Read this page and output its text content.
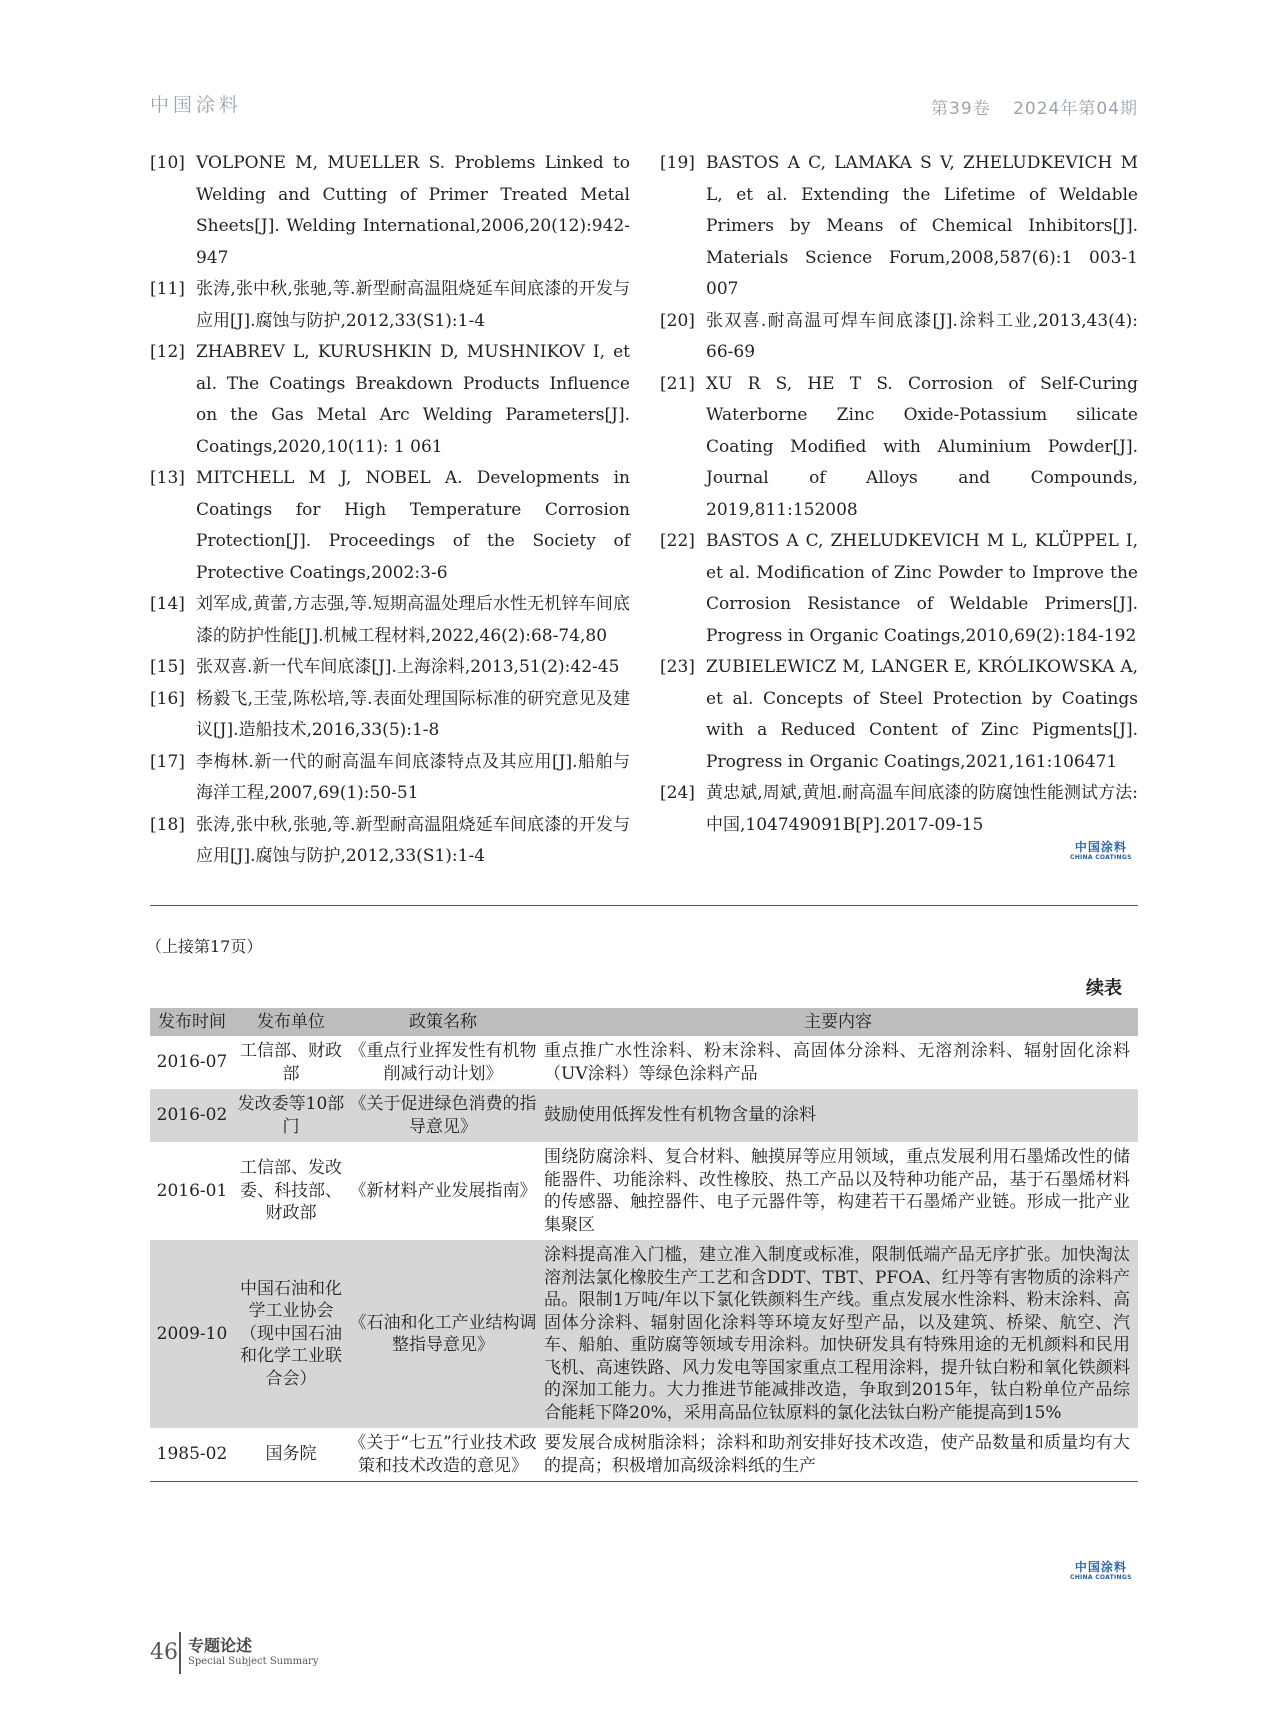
中国涂料	第39卷 2024年第04期
[10] VOLPONE M, MUELLER S. Problems Linked to Welding and Cutting of Primer Treated Metal Sheets[J]. Welding International,2006,20(12):942-947
[11] 张涛,张中秋,张驰,等.新型耐高温阻烧延车间底漆的开发与应用[J].腐蚀与防护,2012,33(S1):1-4
[12] ZHABREV L, KURUSHKIN D, MUSHNIKOV I, et al. The Coatings Breakdown Products Influence on the Gas Metal Arc Welding Parameters[J]. Coatings,2020,10(11): 1 061
[13] MITCHELL M J, NOBEL A. Developments in Coatings for High Temperature Corrosion Protection[J]. Proceedings of the Society of Protective Coatings,2002:3-6
[14] 刘军成,黄蕾,方志强,等.短期高温处理后水性无机锌车间底漆的防护性能[J].机械工程材料,2022,46(2):68-74,80
[15] 张双喜.新一代车间底漆[J].上海涂料,2013,51(2):42-45
[16] 杨毅飞,王莹,陈松培,等.表面处理国际标准的研究意见及建议[J].造船技术,2016,33(5):1-8
[17] 李梅林.新一代的耐高温车间底漆特点及其应用[J].船舶与海洋工程,2007,69(1):50-51
[18] 张涛,张中秋,张驰,等.新型耐高温阻烧延车间底漆的开发与应用[J].腐蚀与防护,2012,33(S1):1-4
[19] BASTOS A C, LAMAKA S V, ZHELUDKEVICH M L, et al. Extending the Lifetime of Weldable Primers by Means of Chemical Inhibitors[J]. Materials Science Forum,2008,587(6):1 003-1 007
[20] 张双喜.耐高温可焊车间底漆[J].涂料工业,2013,43(4): 66-69
[21] XU R S, HE T S. Corrosion of Self-Curing Waterborne Zinc Oxide-Potassium silicate Coating Modified with Aluminium Powder[J]. Journal of Alloys and Compounds, 2019,811:152008
[22] BASTOS A C, ZHELUDKEVICH M L, KLÜPPEL I, et al. Modification of Zinc Powder to Improve the Corrosion Resistance of Weldable Primers[J]. Progress in Organic Coatings,2010,69(2):184-192
[23] ZUBIELEWICZ M, LANGER E, KRÓLIKOWSKA A, et al. Concepts of Steel Protection by Coatings with a Reduced Content of Zinc Pigments[J]. Progress in Organic Coatings,2021,161:106471
[24] 黄忠斌,周斌,黄旭.耐高温车间底漆的防腐蚀性能测试方法:中国,104749091B[P].2017-09-15
中国涂料
CHINA COATINGS
（上接第17页）
续表
发布时间	发布单位	政策名称	主要内容
2016-07	工信部、财政部	《重点行业挥发性有机物削减行动计划》	重点推广水性涂料、粉末涂料、高固体分涂料、无溶剂涂料、辐射固化涂料（UV涂料）等绿色涂料产品
2016-02	发改委等10部门	《关于促进绿色消费的指导意见》	鼓励使用低挥发性有机物含量的涂料
2016-01	工信部、发改委、科技部、财政部	《新材料产业发展指南》	围绕防腐涂料、复合材料、触摸屏等应用领域，重点发展利用石墨烯改性的储能器件、功能涂料、改性橡胶、热工产品以及特种功能产品，基于石墨烯材料的传感器、触控器件、电子元器件等，构建若干石墨烯产业链。形成一批产业集聚区
2009-10	中国石油和化学工业协会（现中国石油和化学工业联合会）	《石油和化工产业结构调整指导意见》	涂料提高准入门槛，建立准入制度或标准，限制低端产品无序扩张。加快淘汰溶剂法氯化橡胶生产工艺和含DDT、TBT、PFOA、红丹等有害物质的涂料产品。限制1万吨/年以下氯化铁颜料生产线。重点发展水性涂料、粉末涂料、高固体分涂料、辐射固化涂料等环境友好型产品，以及建筑、桥梁、航空、汽车、船舶、重防腐等领域专用涂料。加快研发具有特殊用途的无机颜料和民用飞机、高速铁路、风力发电等国家重点工程用涂料，提升钛白粉和氧化铁颜料的深加工能力。大力推进节能减排改造，争取到2015年，钛白粉单位产品综合能耗下降20%，采用高品位钛原料的氯化法钛白粉产能提高到15%
1985-02	国务院	《关于“七五”行业技术政策和技术改造的意见》	要发展合成树脂涂料；涂料和助剂安排好技术改造，使产品数量和质量均有大的提高；积极增加高级涂料纸的生产
中国涂料
CHINA COATINGS
46 专题论述
Special Subject Summary
